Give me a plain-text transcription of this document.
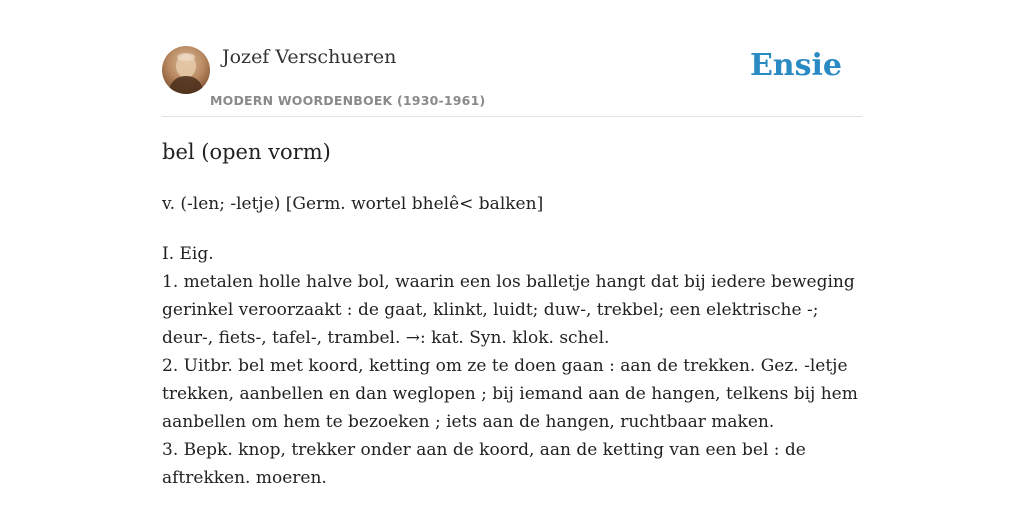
Jozef Verschueren
MODERN WOORDENBOEK (1930-1961)
Ensie
bel (open vorm)
v. (-len; -letje) [Germ. wortel bhelê< balken]
I. Eig.
1. metalen holle halve bol, waarin een los balletje hangt dat bij iedere beweging
gerinkel veroorzaakt : de gaat, klinkt, luidt; duw-, trekbel; een elektrische -;
deur-, fiets-, tafel-, trambel. →: kat. Syn. klok. schel.
2. Uitbr. bel met koord, ketting om ze te doen gaan : aan de trekken. Gez. -letje
trekken, aanbellen en dan weglopen ; bij iemand aan de hangen, telkens bij hem
aanbellen om hem te bezoeken ; iets aan de hangen, ruchtbaar maken.
3. Bepk. knop, trekker onder aan de koord, aan de ketting van een bel : de
aftrekken. moeren.
